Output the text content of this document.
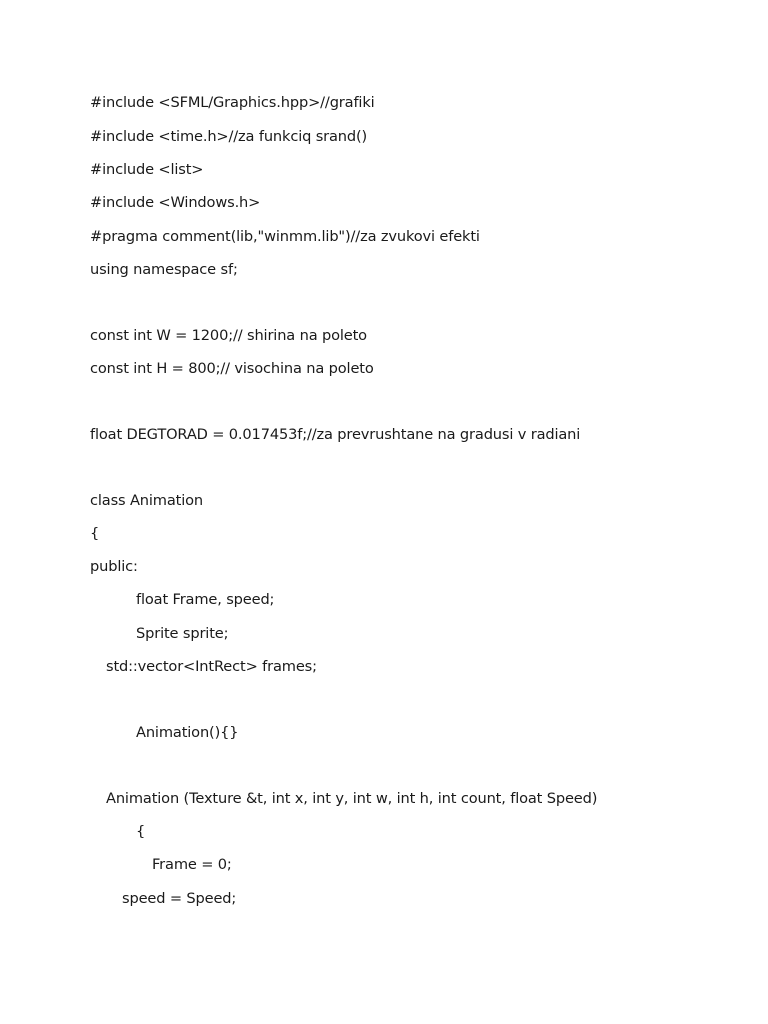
#include <SFML/Graphics.hpp>//grafiki
#include <time.h>//za funkciq srand()
#include <list>
#include <Windows.h>
#pragma comment(lib,"winmm.lib")//za zvukovi efekti
using namespace sf;
const int W = 1200;// shirina na poleto
const int H = 800;// visochina na poleto
float DEGTORAD = 0.017453f;//za prevrushtane na gradusi v radiani
class Animation
{
public:
float Frame, speed;
Sprite sprite;
std::vector<IntRect> frames;
Animation(){}
Animation (Texture &t, int x, int y, int w, int h, int count, float Speed)
{
Frame = 0;
speed = Speed;
